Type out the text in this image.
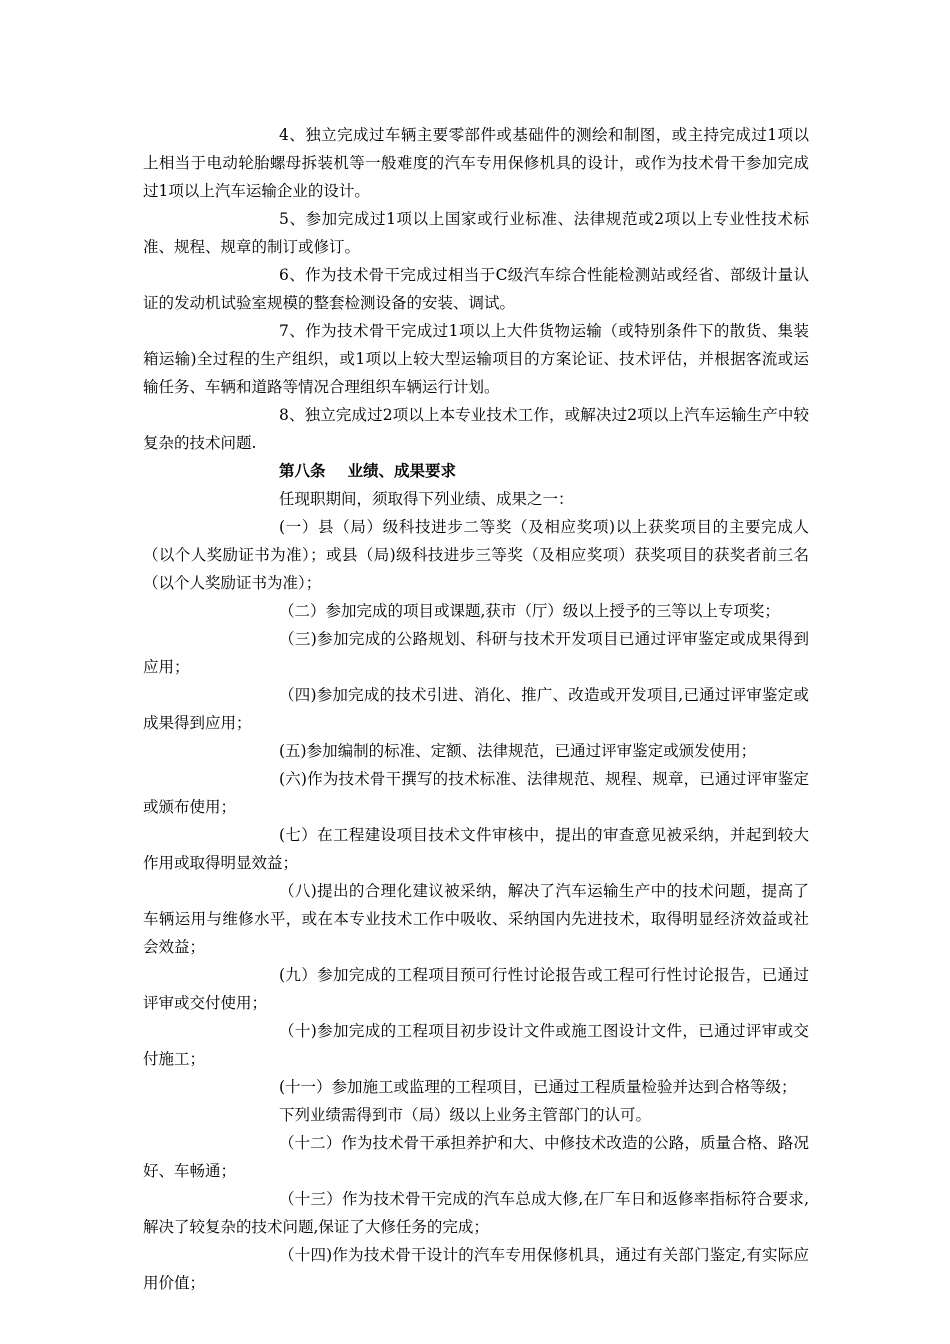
4、独立完成过车辆主要零部件或基础件的测绘和制图，或主持完成过1项以上相当于电动轮胎螺母拆装机等一般难度的汽车专用保修机具的设计，或作为技术骨干参加完成过1项以上汽车运输企业的设计。

5、参加完成过1项以上国家或行业标准、法律规范或2项以上专业性技术标准、规程、规章的制订或修订。

6、作为技术骨干完成过相当于C级汽车综合性能检测站或经省、部级计量认证的发动机试验室规模的整套检测设备的安装、调试。

7、作为技术骨干完成过1项以上大件货物运输（或特别条件下的散货、集装箱运输)全过程的生产组织，或1项以上较大型运输项目的方案论证、技术评估，并根据客流或运输任务、车辆和道路等情况合理组织车辆运行计划。

8、独立完成过2项以上本专业技术工作，或解决过2项以上汽车运输生产中较复杂的技术问题.

第八条 业绩、成果要求

任现职期间，须取得下列业绩、成果之一：

(一）县（局）级科技进步二等奖（及相应奖项)以上获奖项目的主要完成人（以个人奖励证书为准）；或县（局)级科技进步三等奖（及相应奖项）获奖项目的获奖者前三名（以个人奖励证书为准）；

（二）参加完成的项目或课题,获市（厅）级以上授予的三等以上专项奖；

（三)参加完成的公路规划、科研与技术开发项目已通过评审鉴定或成果得到应用；

（四)参加完成的技术引进、消化、推广、改造或开发项目,已通过评审鉴定或成果得到应用；

(五)参加编制的标准、定额、法律规范，已通过评审鉴定或颁发使用；

(六)作为技术骨干撰写的技术标准、法律规范、规程、规章，已通过评审鉴定或颁布使用；

(七）在工程建设项目技术文件审核中，提出的审查意见被采纳，并起到较大作用或取得明显效益；

（八)提出的合理化建议被采纳，解决了汽车运输生产中的技术问题，提高了车辆运用与维修水平，或在本专业技术工作中吸收、采纳国内先进技术，取得明显经济效益或社会效益；

(九）参加完成的工程项目预可行性讨论报告或工程可行性讨论报告，已通过评审或交付使用；

（十)参加完成的工程项目初步设计文件或施工图设计文件，已通过评审或交付施工；

(十一）参加施工或监理的工程项目，已通过工程质量检验并达到合格等级；

下列业绩需得到市（局）级以上业务主管部门的认可。

（十二）作为技术骨干承担养护和大、中修技术改造的公路，质量合格、路况好、车畅通；

（十三）作为技术骨干完成的汽车总成大修,在厂车日和返修率指标符合要求,解决了较复杂的技术问题,保证了大修任务的完成；

（十四)作为技术骨干设计的汽车专用保修机具，通过有关部门鉴定,有实际应用价值；
